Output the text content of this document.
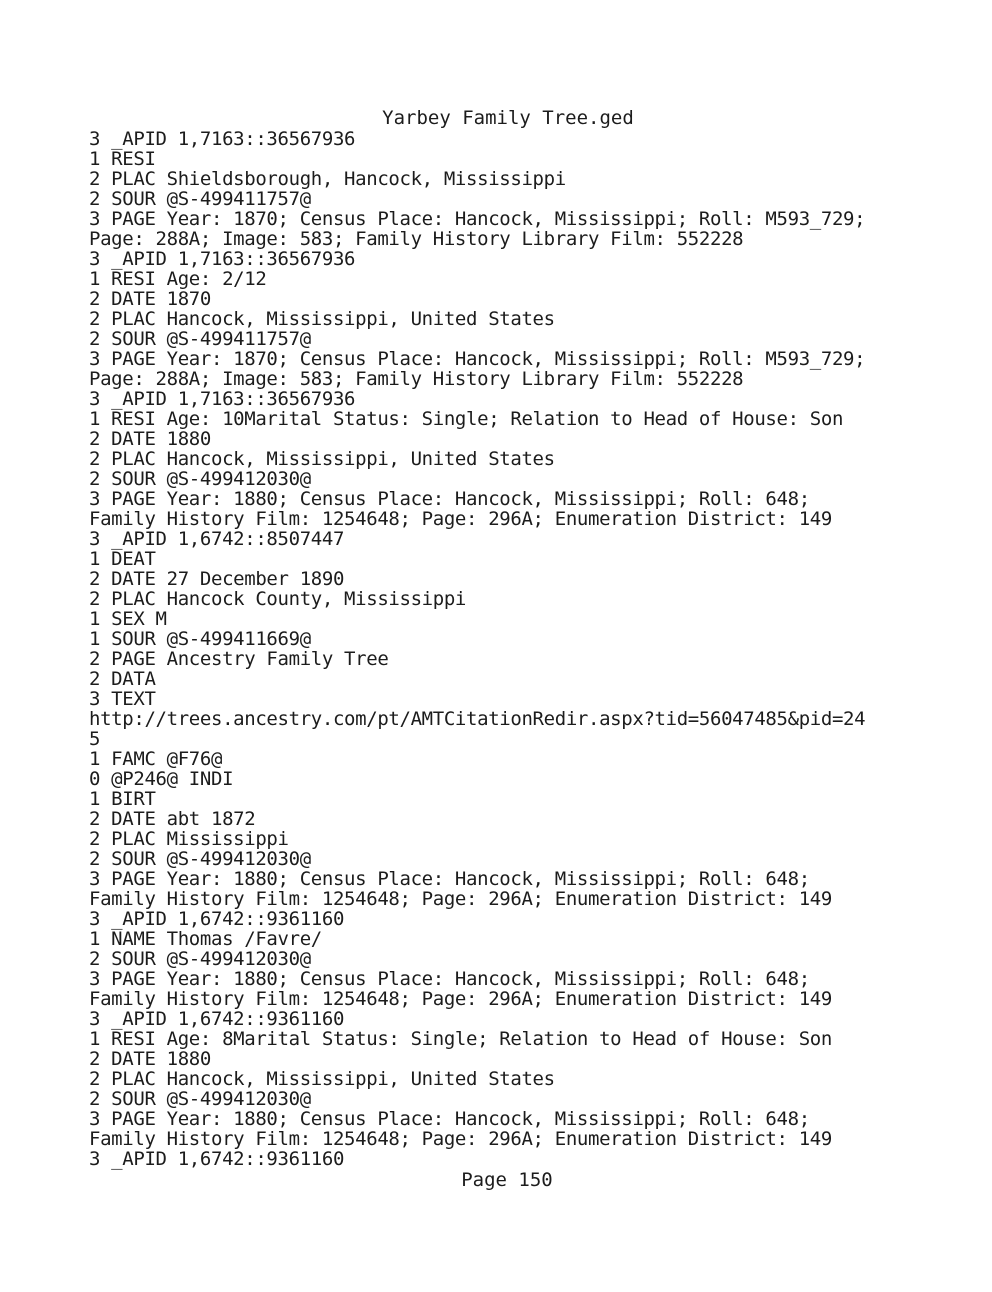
Yarbey Family Tree.ged
3 _APID 1,7163::36567936
1 RESI
2 PLAC Shieldsborough, Hancock, Mississippi
2 SOUR @S-499411757@
3 PAGE Year: 1870; Census Place: Hancock, Mississippi; Roll: M593_729;
Page: 288A; Image: 583; Family History Library Film: 552228
3 _APID 1,7163::36567936
1 RESI Age: 2/12
2 DATE 1870
2 PLAC Hancock, Mississippi, United States
2 SOUR @S-499411757@
3 PAGE Year: 1870; Census Place: Hancock, Mississippi; Roll: M593_729;
Page: 288A; Image: 583; Family History Library Film: 552228
3 _APID 1,7163::36567936
1 RESI Age: 10Marital Status: Single; Relation to Head of House: Son
2 DATE 1880
2 PLAC Hancock, Mississippi, United States
2 SOUR @S-499412030@
3 PAGE Year: 1880; Census Place: Hancock, Mississippi; Roll: 648;
Family History Film: 1254648; Page: 296A; Enumeration District: 149
3 _APID 1,6742::8507447
1 DEAT
2 DATE 27 December 1890
2 PLAC Hancock County, Mississippi
1 SEX M
1 SOUR @S-499411669@
2 PAGE Ancestry Family Tree
2 DATA
3 TEXT
http://trees.ancestry.com/pt/AMTCitationRedir.aspx?tid=56047485&pid=24
5
1 FAMC @F76@
0 @P246@ INDI
1 BIRT
2 DATE abt 1872
2 PLAC Mississippi
2 SOUR @S-499412030@
3 PAGE Year: 1880; Census Place: Hancock, Mississippi; Roll: 648;
Family History Film: 1254648; Page: 296A; Enumeration District: 149
3 _APID 1,6742::9361160
1 NAME Thomas /Favre/
2 SOUR @S-499412030@
3 PAGE Year: 1880; Census Place: Hancock, Mississippi; Roll: 648;
Family History Film: 1254648; Page: 296A; Enumeration District: 149
3 _APID 1,6742::9361160
1 RESI Age: 8Marital Status: Single; Relation to Head of House: Son
2 DATE 1880
2 PLAC Hancock, Mississippi, United States
2 SOUR @S-499412030@
3 PAGE Year: 1880; Census Place: Hancock, Mississippi; Roll: 648;
Family History Film: 1254648; Page: 296A; Enumeration District: 149
3 _APID 1,6742::9361160
Page 150
